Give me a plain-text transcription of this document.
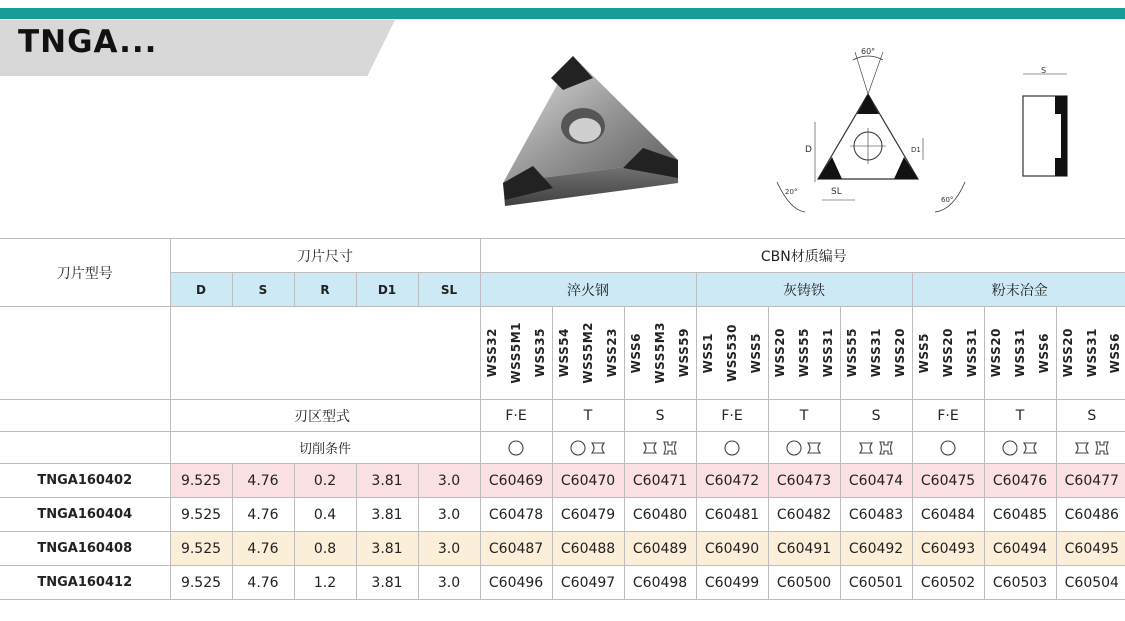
TNGA...	60°
D	D1
SL
20°
60°
S
刀片型号	刀片尺寸					CBN材质编号								
	D	S	R	D1	SL	淬火钢			灰铸铁			粉末冶金		

						WSS32 WSS5M1 WSS35	WSS54 WSS5M2 WSS23	WSS6 WSS5M3 WSS59	WSS1 WSS530 WSS5	WSS20 WSS55 WSS31	WSS55 WSS31 WSS20	WSS5 WSS20 WSS31	WSS20 WSS31 WSS6	WSS20 WSS31 WSS6

	刃区型式					F·E	T	S	F·E	T	S	F·E	T	S
	切削条件	

TNGA160402	9.525	4.76	0.2	3.81	3.0	C60469	C60470	C60471	C60472	C60473	C60474	C60475	C60476	C60477
TNGA160404	9.525	4.76	0.4	3.81	3.0	C60478	C60479	C60480	C60481	C60482	C60483	C60484	C60485	C60486
TNGA160408	9.525	4.76	0.8	3.81	3.0	C60487	C60488	C60489	C60490	C60491	C60492	C60493	C60494	C60495
TNGA160412	9.525	4.76	1.2	3.81	3.0	C60496	C60497	C60498	C60499	C60500	C60501	C60502	C60503	C60504
